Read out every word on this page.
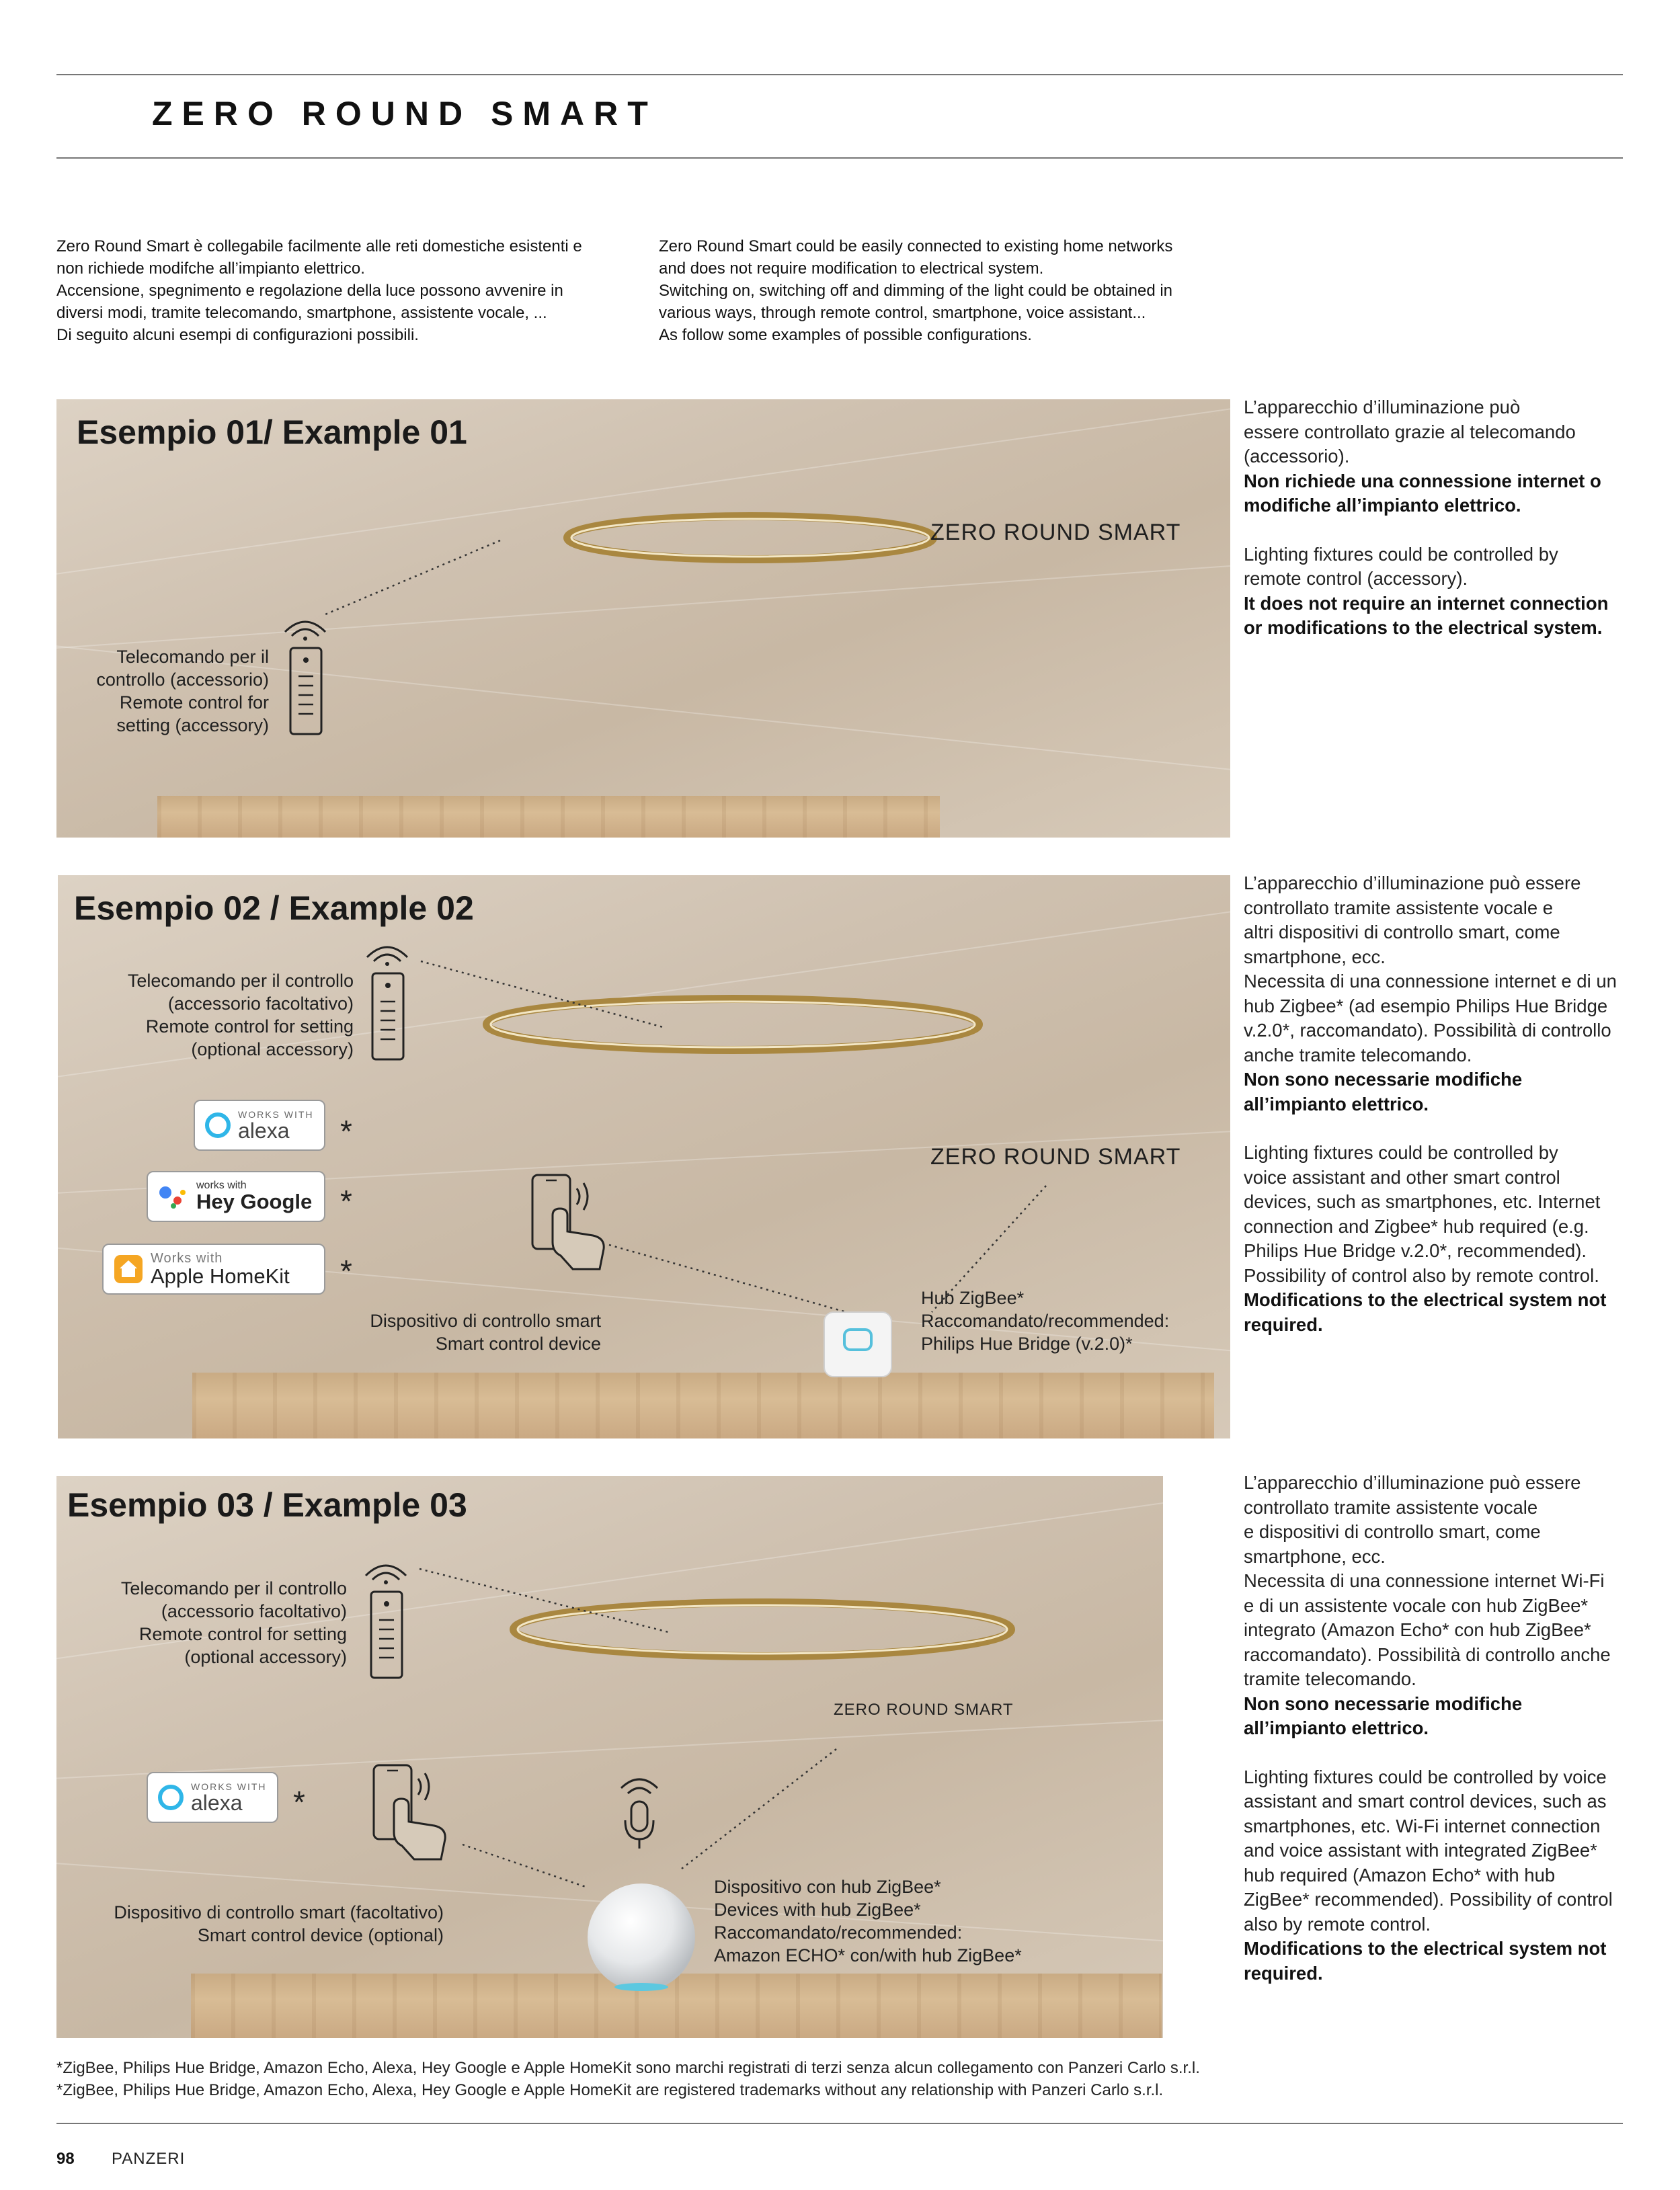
ZERO ROUND SMART
Zero Round Smart è collegabile facilmente alle reti domestiche esistenti e
non richiede modifche all’impianto elettrico.
Accensione, spegnimento e regolazione della luce possono avvenire in
diversi modi, tramite telecomando, smartphone, assistente vocale, ...
Di seguito alcuni esempi di configurazioni possibili.
Zero Round Smart could be easily connected to existing home networks
and does not require modification to electrical system.
Switching on, switching off and dimming of the light could be obtained in
various ways, through remote control, smartphone, voice assistant...
As follow some examples of possible configurations.
Esempio 01/ Example 01
ZERO ROUND SMART
Telecomando per il
controllo (accessorio)
Remote control for
setting (accessory)

L’apparecchio d’illuminazione può
essere controllato grazie al telecomando
(accessorio).

Non richiede una connessione internet o
modifiche all’impianto elettrico.

Lighting fixtures could be controlled by
remote control (accessory).

It does not require an internet connection
or modifications to the electrical system.

Esempio 02 / Example 02
Telecomando per il controllo
(accessorio facoltativo)
Remote control for setting
(optional accessory)
WORKS WITH
alexa	*
works with
Hey Google *
Works with
Apple HomeKit *
Dispositivo di controllo smart
Smart control device
ZERO ROUND SMART
Hub ZigBee*
Raccomandato/recommended:
Philips Hue Bridge (v.2.0)*

L’apparecchio d’illuminazione può essere
controllato tramite assistente vocale e
altri dispositivi di controllo smart, come
smartphone, ecc.
Necessita di una connessione internet e di un
hub Zigbee* (ad esempio Philips Hue Bridge
v.2.0*, raccomandato). Possibilità di controllo
anche tramite telecomando.

Non sono necessarie modifiche
all’impianto elettrico.

Lighting fixtures could be controlled by
voice assistant and other smart control
devices, such as smartphones, etc. Internet
connection and Zigbee* hub required (e.g.
Philips Hue Bridge v.2.0*, recommended).
Possibility of control also by remote control.

Modifications to the electrical system not
required.

Esempio 03 / Example 03
Telecomando per il controllo
(accessorio facoltativo)
Remote control for setting
(optional accessory)
WORKS WITH
alexa	*
Dispositivo di controllo smart (facoltativo)
Smart control device (optional)
ZERO ROUND SMART
Dispositivo con hub ZigBee*
Devices with hub ZigBee*
Raccomandato/recommended:
Amazon ECHO* con/with hub ZigBee*

L’apparecchio d’illuminazione può essere
controllato tramite assistente vocale
e dispositivi di controllo smart, come
smartphone, ecc.
Necessita di una connessione internet Wi-Fi
e di un assistente vocale con hub ZigBee*
integrato (Amazon Echo* con hub ZigBee*
raccomandato). Possibilità di controllo anche
tramite telecomando.

Non sono necessarie modifiche
all’impianto elettrico.

Lighting fixtures could be controlled by voice
assistant and smart control devices, such as
smartphones, etc. Wi-Fi internet connection
and voice assistant with integrated ZigBee*
hub required (Amazon Echo* with hub
ZigBee* recommended). Possibility of control
also by remote control.

Modifications to the electrical system not
required.

*ZigBee, Philips Hue Bridge, Amazon Echo, Alexa, Hey Google e Apple HomeKit sono marchi registrati di terzi senza alcun collegamento con Panzeri Carlo s.r.l.
*ZigBee, Philips Hue Bridge, Amazon Echo, Alexa, Hey Google e Apple HomeKit are registered trademarks without any relationship with Panzeri Carlo s.r.l.
98 PANZERI
